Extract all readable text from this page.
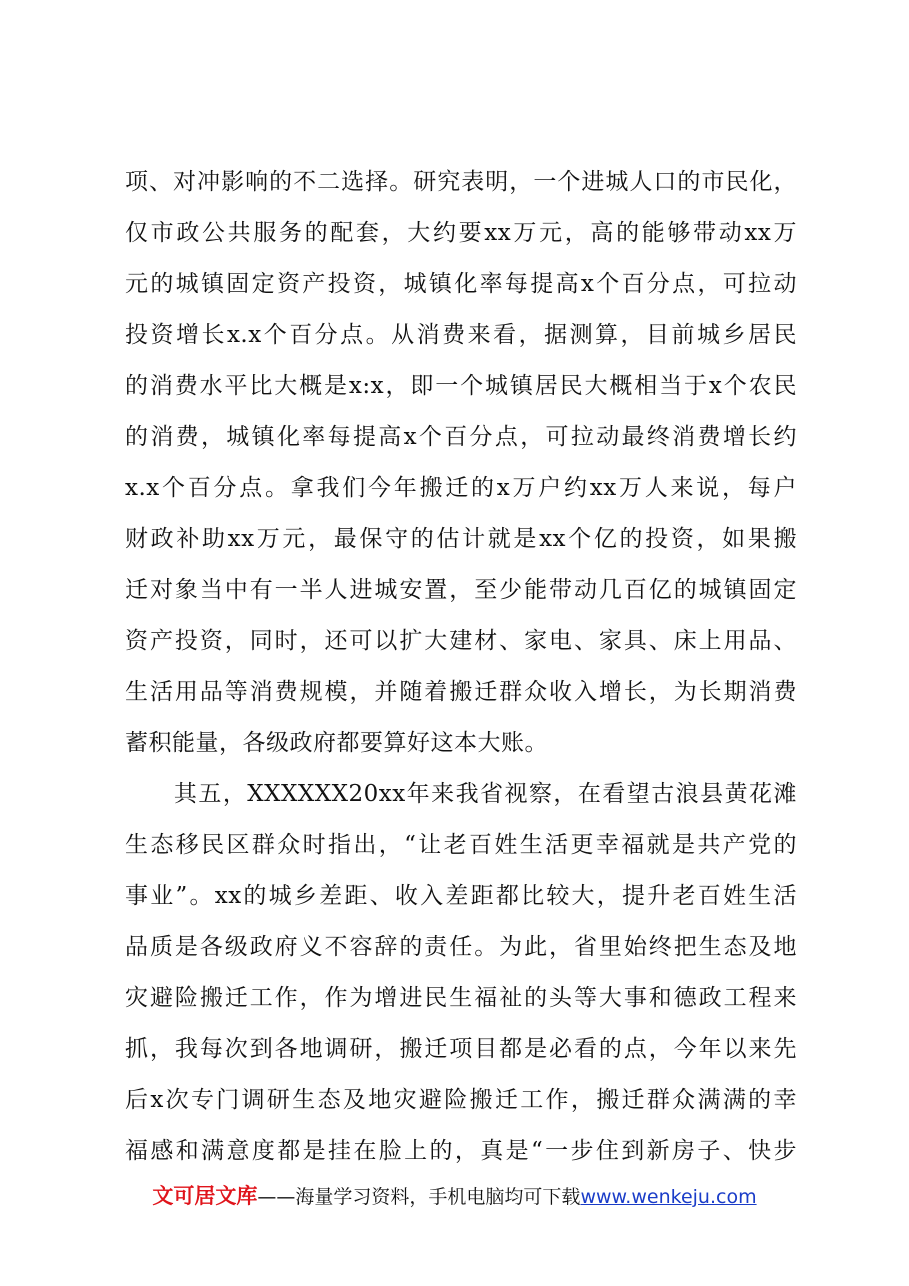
项、对冲影响的不二选择。研究表明，一个进城人口的市民化，
仅市政公共服务的配套，大约要xx万元，高的能够带动xx万
元的城镇固定资产投资，城镇化率每提高x个百分点，可拉动
投资增长x.x个百分点。从消费来看，据测算，目前城乡居民
的消费水平比大概是x:x，即一个城镇居民大概相当于x个农民
的消费，城镇化率每提高x个百分点，可拉动最终消费增长约
x.x个百分点。拿我们今年搬迁的x万户约xx万人来说，每户
财政补助xx万元，最保守的估计就是xx个亿的投资，如果搬
迁对象当中有一半人进城安置，至少能带动几百亿的城镇固定
资产投资，同时，还可以扩大建材、家电、家具、床上用品、
生活用品等消费规模，并随着搬迁群众收入增长，为长期消费
蓄积能量，各级政府都要算好这本大账。
　　其五，XXXXXX20xx年来我省视察，在看望古浪县黄花滩
生态移民区群众时指出，“让老百姓生活更幸福就是共产党的
事业”。xx的城乡差距、收入差距都比较大，提升老百姓生活
品质是各级政府义不容辞的责任。为此，省里始终把生态及地
灾避险搬迁工作，作为增进民生福祉的头等大事和德政工程来
抓，我每次到各地调研，搬迁项目都是必看的点，今年以来先
后x次专门调研生态及地灾避险搬迁工作，搬迁群众满满的幸
福感和满意度都是挂在脸上的，真是“一步住到新房子、快步
文可居文库——海量学习资料，手机电脑均可下载www.wenkeju.com
